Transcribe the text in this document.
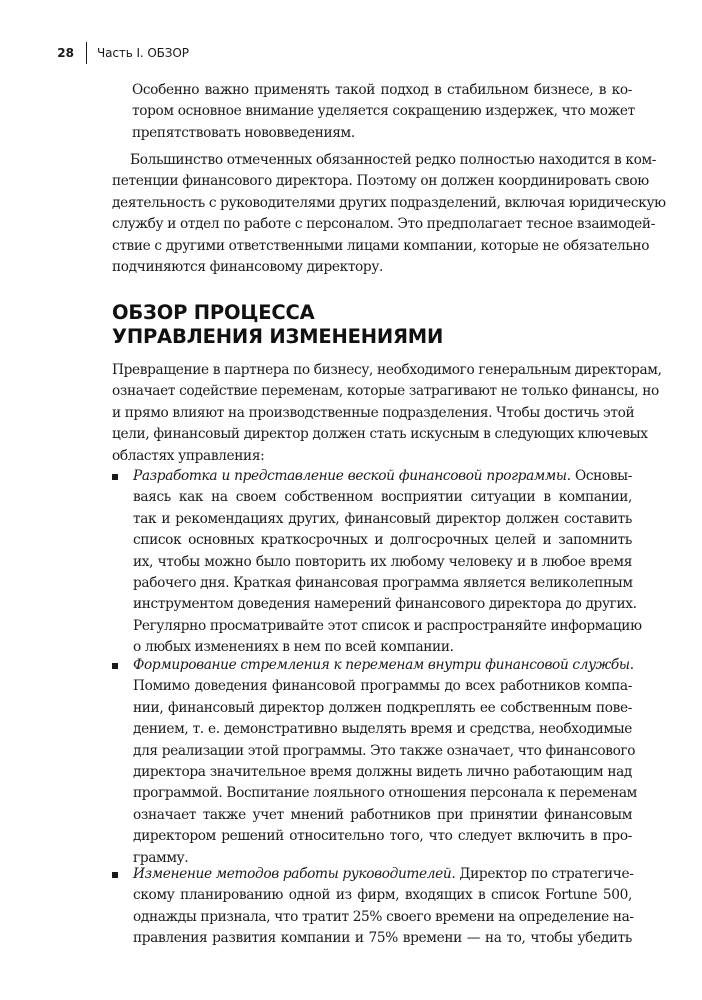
28 Часть I. ОБЗОР
Особенно важно применять такой подход в стабильном бизнесе, в ко-
тором основное внимание уделяется сокращению издержек, что может
препятствовать нововведениям.
Большинство отмеченных обязанностей редко полностью находится в ком-
петенции финансового директора. Поэтому он должен координировать свою
деятельность с руководителями других подразделений, включая юридическую
службу и отдел по работе с персоналом. Это предполагает тесное взаимодей-
ствие с другими ответственными лицами компании, которые не обязательно
подчиняются финансовому директору.
ОБЗОР ПРОЦЕССА
УПРАВЛЕНИЯ ИЗМЕНЕНИЯМИ
Превращение в партнера по бизнесу, необходимого генеральным директорам,
означает содействие переменам, которые затрагивают не только финансы, но
и прямо влияют на производственные подразделения. Чтобы достичь этой
цели, финансовый директор должен стать искусным в следующих ключевых
областях управления:
Разработка и представление веской финансовой программы. Основы-
ваясь как на своем собственном восприятии ситуации в компании,
так и рекомендациях других, финансовый директор должен составить
список основных краткосрочных и долгосрочных целей и запомнить
их, чтобы можно было повторить их любому человеку и в любое время
рабочего дня. Краткая финансовая программа является великолепным
инструментом доведения намерений финансового директора до других.
Регулярно просматривайте этот список и распространяйте информацию
о любых изменениях в нем по всей компании.
Формирование стремления к переменам внутри финансовой службы.
Помимо доведения финансовой программы до всех работников компа-
нии, финансовый директор должен подкреплять ее собственным пове-
дением, т. е. демонстративно выделять время и средства, необходимые
для реализации этой программы. Это также означает, что финансового
директора значительное время должны видеть лично работающим над
программой. Воспитание лояльного отношения персонала к переменам
означает также учет мнений работников при принятии финансовым
директором решений относительно того, что следует включить в про-
грамму.
Изменение методов работы руководителей. Директор по стратегиче-
скому планированию одной из фирм, входящих в список Fortune 500,
однажды признала, что тратит 25% своего времени на определение на-
правления развития компании и 75% времени — на то, чтобы убедить
